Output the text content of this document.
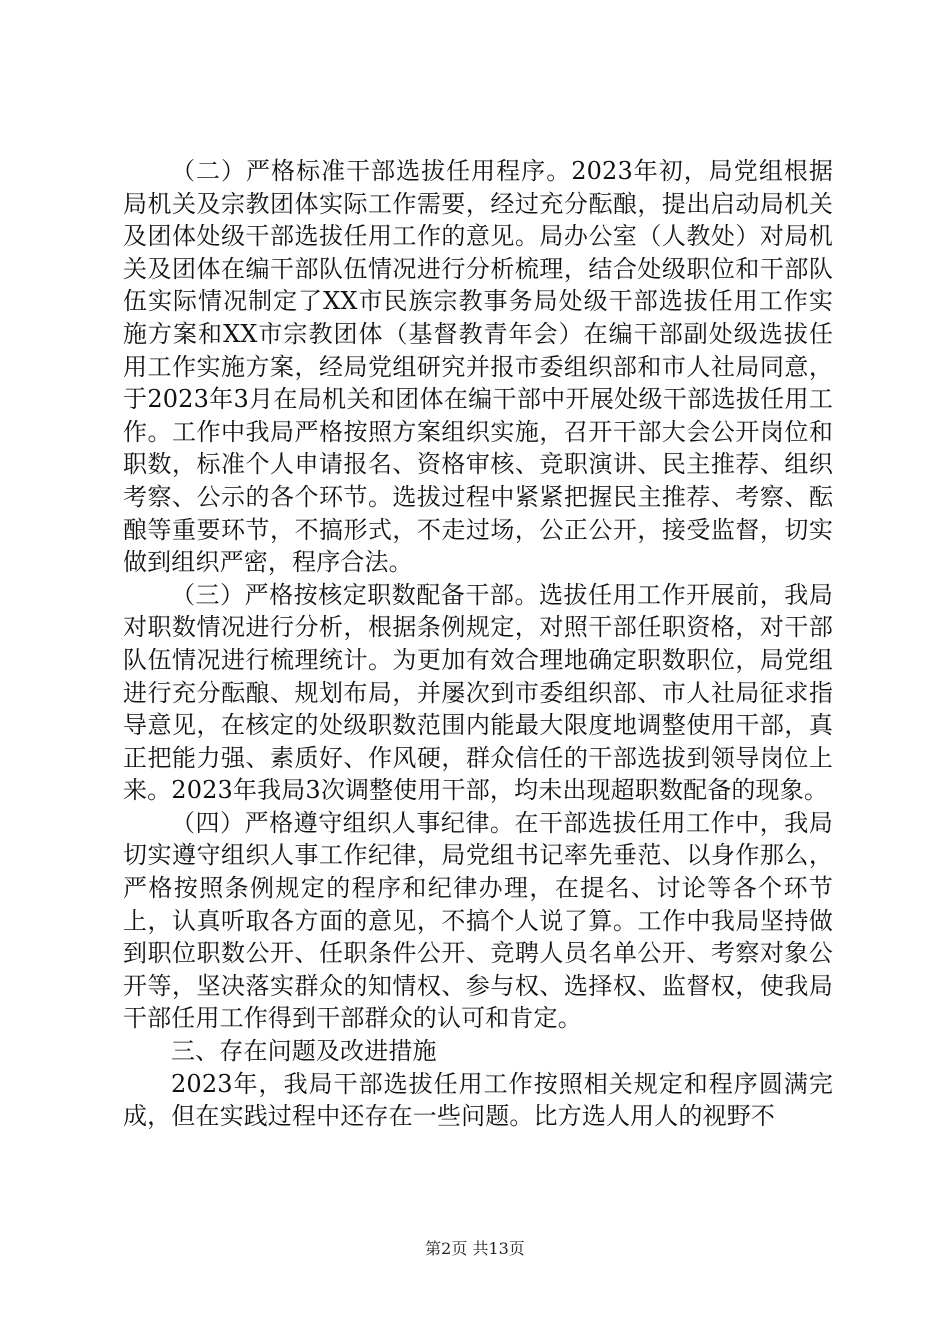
（二）严格标准干部选拔任用程序。2023年初，局党组根据局机关及宗教团体实际工作需要，经过充分酝酿，提出启动局机关及团体处级干部选拔任用工作的意见。局办公室（人教处）对局机关及团体在编干部队伍情况进行分析梳理，结合处级职位和干部队伍实际情况制定了XX市民族宗教事务局处级干部选拔任用工作实施方案和XX市宗教团体（基督教青年会）在编干部副处级选拔任用工作实施方案，经局党组研究并报市委组织部和市人社局同意，于2023年3月在局机关和团体在编干部中开展处级干部选拔任用工作。工作中我局严格按照方案组织实施，召开干部大会公开岗位和职数，标准个人申请报名、资格审核、竞职演讲、民主推荐、组织考察、公示的各个环节。选拔过程中紧紧把握民主推荐、考察、酝酿等重要环节，不搞形式，不走过场，公正公开，接受监督，切实做到组织严密，程序合法。

（三）严格按核定职数配备干部。选拔任用工作开展前，我局对职数情况进行分析，根据条例规定，对照干部任职资格，对干部队伍情况进行梳理统计。为更加有效合理地确定职数职位，局党组进行充分酝酿、规划布局，并屡次到市委组织部、市人社局征求指导意见，在核定的处级职数范围内能最大限度地调整使用干部，真正把能力强、素质好、作风硬，群众信任的干部选拔到领导岗位上来。2023年我局3次调整使用干部，均未出现超职数配备的现象。

（四）严格遵守组织人事纪律。在干部选拔任用工作中，我局切实遵守组织人事工作纪律，局党组书记率先垂范、以身作那么，严格按照条例规定的程序和纪律办理，在提名、讨论等各个环节上，认真听取各方面的意见，不搞个人说了算。工作中我局坚持做到职位职数公开、任职条件公开、竞聘人员名单公开、考察对象公开等，坚决落实群众的知情权、参与权、选择权、监督权，使我局干部任用工作得到干部群众的认可和肯定。

三、存在问题及改进措施

2023年，我局干部选拔任用工作按照相关规定和程序圆满完成，但在实践过程中还存在一些问题。比方选人用人的视野不

第2页 共13页
